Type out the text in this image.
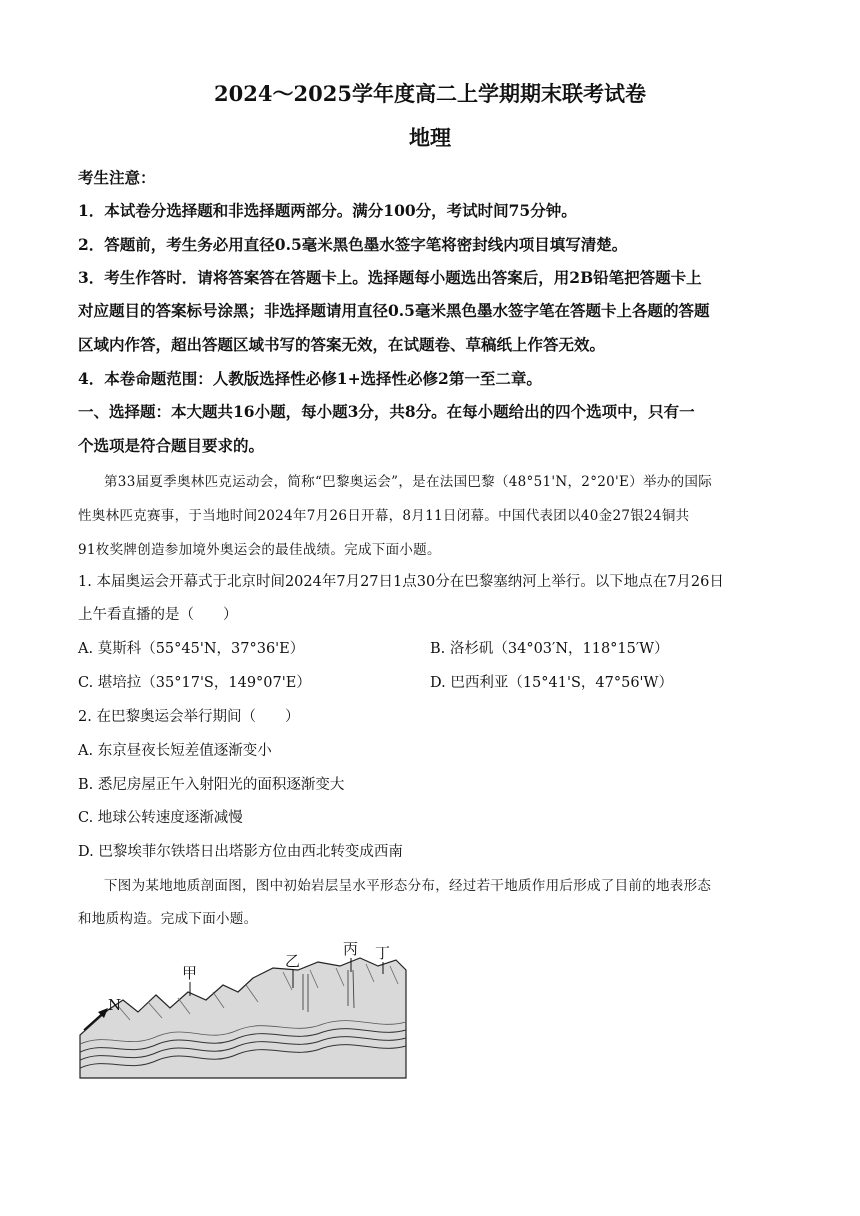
2024～2025学年度高二上学期期末联考试卷
地理
考生注意：
1．本试卷分选择题和非选择题两部分。满分100分，考试时间75分钟。
2．答题前，考生务必用直径0.5毫米黑色墨水签字笔将密封线内项目填写清楚。
3．考生作答时．请将答案答在答题卡上。选择题每小题选出答案后，用2B铅笔把答题卡上
对应题目的答案标号涂黑；非选择题请用直径0.5毫米黑色墨水签字笔在答题卡上各题的答题
区域内作答，超出答题区域书写的答案无效，在试题卷、草稿纸上作答无效。
4．本卷命题范围：人教版选择性必修1+选择性必修2第一至二章。
一、选择题：本大题共16小题，每小题3分，共8分。在每小题给出的四个选项中，只有一
个选项是符合题目要求的。
第33届夏季奥林匹克运动会，简称“巴黎奥运会”，是在法国巴黎（48°51'N，2°20'E）举办的国际
性奥林匹克赛事，于当地时间2024年7月26日开幕，8月11日闭幕。中国代表团以40金27银24铜共
91枚奖牌创造参加境外奥运会的最佳战绩。完成下面小题。
1. 本届奥运会开幕式于北京时间2024年7月27日1点30分在巴黎塞纳河上举行。以下地点在7月26日
上午看直播的是（　　）
A. 莫斯科（55°45'N，37°36'E）	B. 洛杉矶（34°03′N，118°15′W）
C. 堪培拉（35°17'S，149°07'E）	D. 巴西利亚（15°41'S，47°56'W）
2. 在巴黎奥运会举行期间（　　）
A. 东京昼夜长短差值逐渐变小
B. 悉尼房屋正午入射阳光的面积逐渐变大
C. 地球公转速度逐渐减慢
D. 巴黎埃菲尔铁塔日出塔影方位由西北转变成西南
下图为某地地质剖面图，图中初始岩层呈水平形态分布，经过若干地质作用后形成了目前的地表形态
和地质构造。完成下面小题。
N
甲
乙
丙 丁
